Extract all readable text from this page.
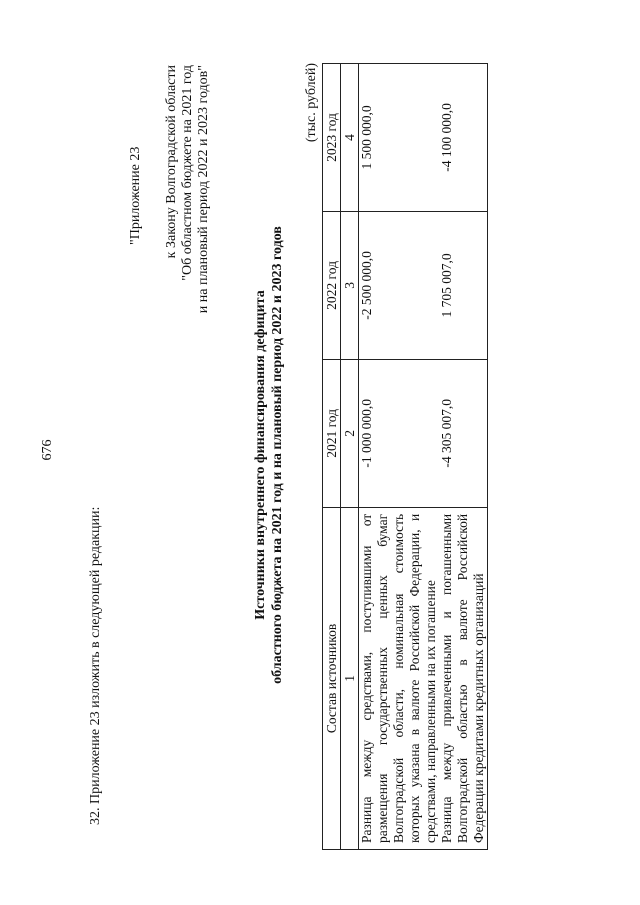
676
32. Приложение 23 изложить в следующей редакции:
"Приложение 23 к Закону Волгоградской области "Об областном бюджете на 2021 год и на плановый период 2022 и 2023 годов"
Источники внутреннего финансирования дефицита областного бюджета на 2021 год и на плановый период 2022 и 2023 годов
(тыс. рублей)
Состав источников	2021 год	2022 год	2023 год
1	2	3	4
Разница между средствами, поступившими от размещения государственных ценных бумаг Волгоградской области, номинальная стоимость которых указана в валюте Российской Федерации, и средствами, направленными на их погашение	-1 000 000,0	-2 500 000,0	1 500 000,0
Разница между привлеченными и погашенными Волгоградской областью в валюте Российской Федерации кредитами кредитных организаций	-4 305 007,0	1 705 007,0	-4 100 000,0
